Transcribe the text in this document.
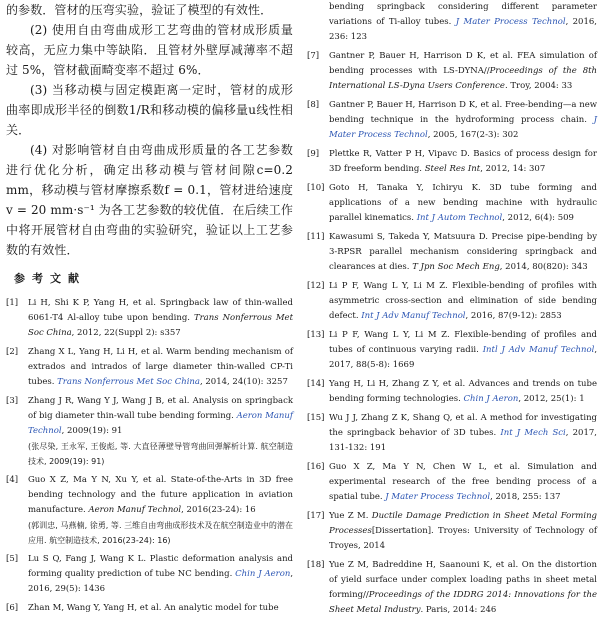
的参数．管材的压弯实验，验证了模型的有效性．

(2) 使用自由弯曲成形工艺弯曲的管材成形质量较高，无应力集中等缺陷．且管材外壁厚减薄率不超过 5%，管材截面畸变率不超过 6%．

(3) 当移动模与固定模距离一定时，管材的成形曲率即成形半径的倒数1/R和移动模的偏移量u线性相关．

(4) 对影响管材自由弯曲成形质量的各工艺参数进行优化分析，确定出移动模与管材间隙c=0.2 mm，移动模与管材摩擦系数f = 0.1，管材进给速度 v = 20 mm·s⁻¹ 为各工艺参数的较优值．在后续工作中将开展管材自由弯曲的实验研究，验证以上工艺参数的有效性．

参考文献
[1]	Li H, Shi K P, Yang H, et al. Springback law of thin-walled 6061-T4 Al-alloy tube upon bending. Trans Nonferrous Met Soc China, 2012, 22(Suppl 2): s357
[2]	Zhang X L, Yang H, Li H, et al. Warm bending mechanism of extrados and intrados of large diameter thin-walled CP-Ti tubes. Trans Nonferrous Met Soc China, 2014, 24(10): 3257
[3]	Zhang J R, Wang Y J, Wang J B, et al. Analysis on springback of big diameter thin-wall tube bending forming. Aeron Manuf Technol, 2009(19): 91
(张尽染, 王永军, 王俊彪, 等. 大直径薄壁导管弯曲回弹解析计算. 航空制造技术, 2009(19): 91)
[4]	Guo X Z, Ma Y N, Xu Y, et al. State-of-the-Arts in 3D free bending technology and the future application in aviation manufacture. Aeron Manuf Technol, 2016(23-24): 16
(郭训忠, 马燕楠, 徐勇, 等. 三维自由弯曲成形技术及在航空制造业中的潜在应用. 航空制造技术, 2016(23-24): 16)
[5]	Lu S Q, Fang J, Wang K L. Plastic deformation analysis and forming quality prediction of tube NC bending. Chin J Aeron, 2016, 29(5): 1436
[6]	Zhan M, Wang Y, Yang H, et al. An analytic model for tube
bending springback considering different parameter variations of Ti-alloy tubes. J Mater Process Technol, 2016, 236: 123
[7]	Gantner P, Bauer H, Harrison D K, et al. FEA simulation of bending processes with LS-DYNA//Proceedings of the 8th International LS-Dyna Users Conference. Troy, 2004: 33
[8]	Gantner P, Bauer H, Harrison D K, et al. Free-bending—a new bending technique in the hydroforming process chain. J Mater Process Technol, 2005, 167(2-3): 302
[9]	Plettke R, Vatter P H, Vipavc D. Basics of process design for 3D freeform bending. Steel Res Int, 2012, 14: 307
[10] Goto H, Tanaka Y, Ichiryu K. 3D tube forming and applications of a new bending machine with hydraulic parallel kinematics. Int J Autom Technol, 2012, 6(4): 509
[11] Kawasumi S, Takeda Y, Matsuura D. Precise pipe-bending by 3-RPSR parallel mechanism considering springback and clearances at dies. T Jpn Soc Mech Eng, 2014, 80(820): 343
[12] Li P F, Wang L Y, Li M Z. Flexible-bending of profiles with asymmetric cross-section and elimination of side bending defect. Int J Adv Manuf Technol, 2016, 87(9-12): 2853
[13] Li P F, Wang L Y, Li M Z. Flexible-bending of profiles and tubes of continuous varying radii. Intl J Adv Manuf Technol, 2017, 88(5-8): 1669
[14] Yang H, Li H, Zhang Z Y, et al. Advances and trends on tube bending forming technologies. Chin J Aeron, 2012, 25(1): 1
[15] Wu J J, Zhang Z K, Shang Q, et al. A method for investigating the springback behavior of 3D tubes. Int J Mech Sci, 2017, 131-132: 191
[16] Guo X Z, Ma Y N, Chen W L, et al. Simulation and experimental research of the free bending process of a spatial tube. J Mater Process Technol, 2018, 255: 137
[17] Yue Z M. Ductile Damage Prediction in Sheet Metal Forming Processes[Dissertation]. Troyes: University of Technology of Troyes, 2014
[18] Yue Z M, Badreddine H, Saanouni K, et al. On the distortion of yield surface under complex loading paths in sheet metal forming//Proceedings of the IDDRG 2014: Innovations for the Sheet Metal Industry. Paris, 2014: 246
